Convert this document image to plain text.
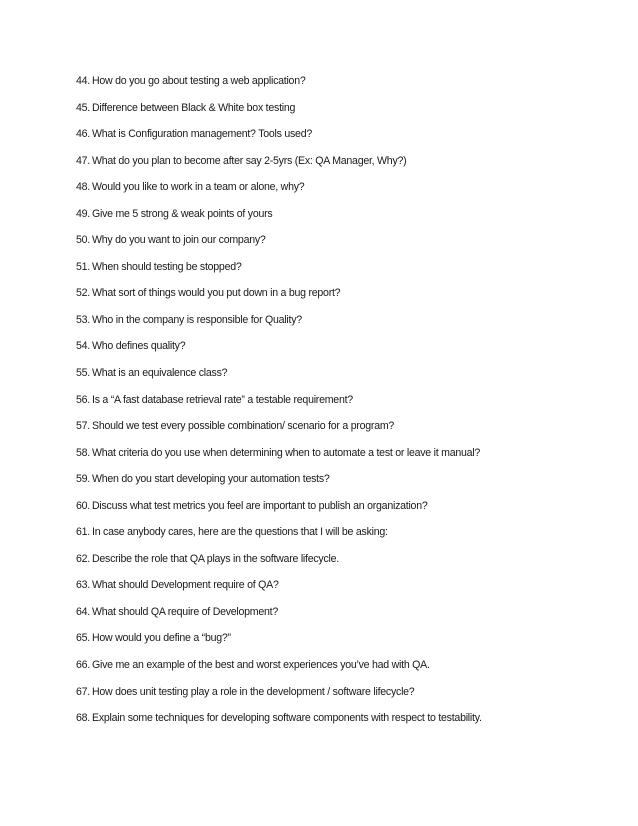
44. How do you go about testing a web application?
45. Difference between Black & White box testing
46. What is Configuration management? Tools used?
47. What do you plan to become after say 2-5yrs (Ex: QA Manager, Why?)
48. Would you like to work in a team or alone, why?
49. Give me 5 strong & weak points of yours
50. Why do you want to join our company?
51. When should testing be stopped?
52. What sort of things would you put down in a bug report?
53. Who in the company is responsible for Quality?
54. Who defines quality?
55. What is an equivalence class?
56. Is a “A fast database retrieval rate” a testable requirement?
57. Should we test every possible combination/ scenario for a program?
58. What criteria do you use when determining when to automate a test or leave it manual?
59. When do you start developing your automation tests?
60. Discuss what test metrics you feel are important to publish an organization?
61. In case anybody cares, here are the questions that I will be asking:
62. Describe the role that QA plays in the software lifecycle.
63. What should Development require of QA?
64. What should QA require of Development?
65. How would you define a “bug?”
66. Give me an example of the best and worst experiences you’ve had with QA.
67. How does unit testing play a role in the development / software lifecycle?
68. Explain some techniques for developing software components with respect to testability.
